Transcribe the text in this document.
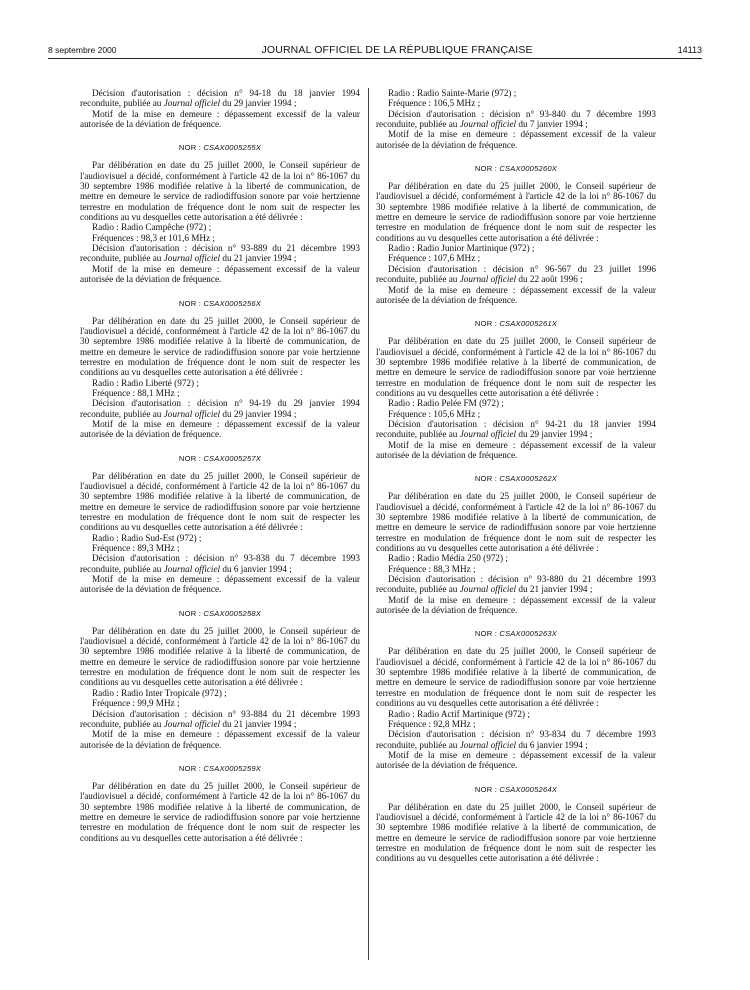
8 septembre 2000	JOURNAL OFFICIEL DE LA RÉPUBLIQUE FRANÇAISE	14113

Décision d'autorisation : décision n° 94-18 du 18 janvier 1994 reconduite, publiée au Journal officiel du 29 janvier 1994 ;

Motif de la mise en demeure : dépassement excessif de la valeur autorisée de la déviation de fréquence.

NOR : CSAX0005255X

Par délibération en date du 25 juillet 2000, le Conseil supérieur de l'audiovisuel a décidé, conformément à l'article 42 de la loi n° 86-1067 du 30 septembre 1986 modifiée relative à la liberté de communication, de mettre en demeure le service de radiodiffusion sonore par voie hertzienne terrestre en modulation de fréquence dont le nom suit de respecter les conditions au vu desquelles cette autorisation a été délivrée :

Radio : Radio Campêche (972) ;

Fréquences : 98,3 et 101,6 MHz ;

Décision d'autorisation : décision n° 93-889 du 21 décembre 1993 reconduite, publiée au Journal officiel du 21 janvier 1994 ;

Motif de la mise en demeure : dépassement excessif de la valeur autorisée de la déviation de fréquence.

NOR : CSAX0005256X

Par délibération en date du 25 juillet 2000, le Conseil supérieur de l'audiovisuel a décidé, conformément à l'article 42 de la loi n° 86-1067 du 30 septembre 1986 modifiée relative à la liberté de communication, de mettre en demeure le service de radiodiffusion sonore par voie hertzienne terrestre en modulation de fréquence dont le nom suit de respecter les conditions au vu desquelles cette autorisation a été délivrée :

Radio : Radio Liberté (972) ;

Fréquence : 88,1 MHz ;

Décision d'autorisation : décision n° 94-19 du 29 janvier 1994 reconduite, publiée au Journal officiel du 29 janvier 1994 ;

Motif de la mise en demeure : dépassement excessif de la valeur autorisée de la déviation de fréquence.

NOR : CSAX0005257X

Par délibération en date du 25 juillet 2000, le Conseil supérieur de l'audiovisuel a décidé, conformément à l'article 42 de la loi n° 86-1067 du 30 septembre 1986 modifiée relative à la liberté de communication, de mettre en demeure le service de radiodiffusion sonore par voie hertzienne terrestre en modulation de fréquence dont le nom suit de respecter les conditions au vu desquelles cette autorisation a été délivrée :

Radio : Radio Sud-Est (972) ;

Fréquence : 89,3 MHz ;

Décision d'autorisation : décision n° 93-838 du 7 décembre 1993 reconduite, publiée au Journal officiel du 6 janvier 1994 ;

Motif de la mise en demeure : dépassement excessif de la valeur autorisée de la déviation de fréquence.

NOR : CSAX0005258X

Par délibération en date du 25 juillet 2000, le Conseil supérieur de l'audiovisuel a décidé, conformément à l'article 42 de la loi n° 86-1067 du 30 septembre 1986 modifiée relative à la liberté de communication, de mettre en demeure le service de radiodiffusion sonore par voie hertzienne terrestre en modulation de fréquence dont le nom suit de respecter les conditions au vu desquelles cette autorisation a été délivrée :

Radio : Radio Inter Tropicale (972) ;

Fréquence : 99,9 MHz ;

Décision d'autorisation : décision n° 93-884 du 21 décembre 1993 reconduite, publiée au Journal officiel du 21 janvier 1994 ;

Motif de la mise en demeure : dépassement excessif de la valeur autorisée de la déviation de fréquence.

NOR : CSAX0005259X

Par délibération en date du 25 juillet 2000, le Conseil supérieur de l'audiovisuel a décidé, conformément à l'article 42 de la loi n° 86-1067 du 30 septembre 1986 modifiée relative à la liberté de communication, de mettre en demeure le service de radiodiffusion sonore par voie hertzienne terrestre en modulation de fréquence dont le nom suit de respecter les conditions au vu desquelles cette autorisation a été délivrée :

Radio : Radio Sainte-Marie (972) ;

Fréquence : 106,5 MHz ;

Décision d'autorisation : décision n° 93-840 du 7 décembre 1993 reconduite, publiée au Journal officiel du 7 janvier 1994 ;

Motif de la mise en demeure : dépassement excessif de la valeur autorisée de la déviation de fréquence.

NOR : CSAX0005260X

Par délibération en date du 25 juillet 2000, le Conseil supérieur de l'audiovisuel a décidé, conformément à l'article 42 de la loi n° 86-1067 du 30 septembre 1986 modifiée relative à la liberté de communication, de mettre en demeure le service de radiodiffusion sonore par voie hertzienne terrestre en modulation de fréquence dont le nom suit de respecter les conditions au vu desquelles cette autorisation a été délivrée :

Radio : Radio Junior Martinique (972) ;

Fréquence : 107,6 MHz ;

Décision d'autorisation : décision n° 96-567 du 23 juillet 1996 reconduite, publiée au Journal officiel du 22 août 1996 ;

Motif de la mise en demeure : dépassement excessif de la valeur autorisée de la déviation de fréquence.

NOR : CSAX0005261X

Par délibération en date du 25 juillet 2000, le Conseil supérieur de l'audiovisuel a décidé, conformément à l'article 42 de la loi n° 86-1067 du 30 septembre 1986 modifiée relative à la liberté de communication, de mettre en demeure le service de radiodiffusion sonore par voie hertzienne terrestre en modulation de fréquence dont le nom suit de respecter les conditions au vu desquelles cette autorisation a été délivrée :

Radio : Radio Pelée FM (972) ;

Fréquence : 105,6 MHz ;

Décision d'autorisation : décision n° 94-21 du 18 janvier 1994 reconduite, publiée au Journal officiel du 29 janvier 1994 ;

Motif de la mise en demeure : dépassement excessif de la valeur autorisée de la déviation de fréquence.

NOR : CSAX0005262X

Par délibération en date du 25 juillet 2000, le Conseil supérieur de l'audiovisuel a décidé, conformément à l'article 42 de la loi n° 86-1067 du 30 septembre 1986 modifiée relative à la liberté de communication, de mettre en demeure le service de radiodiffusion sonore par voie hertzienne terrestre en modulation de fréquence dont le nom suit de respecter les conditions au vu desquelles cette autorisation a été délivrée :

Radio : Radio Média 250 (972) ;

Fréquence : 88,3 MHz ;

Décision d'autorisation : décision n° 93-880 du 21 décembre 1993 reconduite, publiée au Journal officiel du 21 janvier 1994 ;

Motif de la mise en demeure : dépassement excessif de la valeur autorisée de la déviation de fréquence.

NOR : CSAX0005263X

Par délibération en date du 25 juillet 2000, le Conseil supérieur de l'audiovisuel a décidé, conformément à l'article 42 de la loi n° 86-1067 du 30 septembre 1986 modifiée relative à la liberté de communication, de mettre en demeure le service de radiodiffusion sonore par voie hertzienne terrestre en modulation de fréquence dont le nom suit de respecter les conditions au vu desquelles cette autorisation a été délivrée :

Radio : Radio Actif Martinique (972) ;

Fréquence : 92,8 MHz ;

Décision d'autorisation : décision n° 93-834 du 7 décembre 1993 reconduite, publiée au Journal officiel du 6 janvier 1994 ;

Motif de la mise en demeure : dépassement excessif de la valeur autorisée de la déviation de fréquence.

NOR : CSAX0005264X

Par délibération en date du 25 juillet 2000, le Conseil supérieur de l'audiovisuel a décidé, conformément à l'article 42 de la loi n° 86-1067 du 30 septembre 1986 modifiée relative à la liberté de communication, de mettre en demeure le service de radiodiffusion sonore par voie hertzienne terrestre en modulation de fréquence dont le nom suit de respecter les conditions au vu desquelles cette autorisation a été délivrée :
